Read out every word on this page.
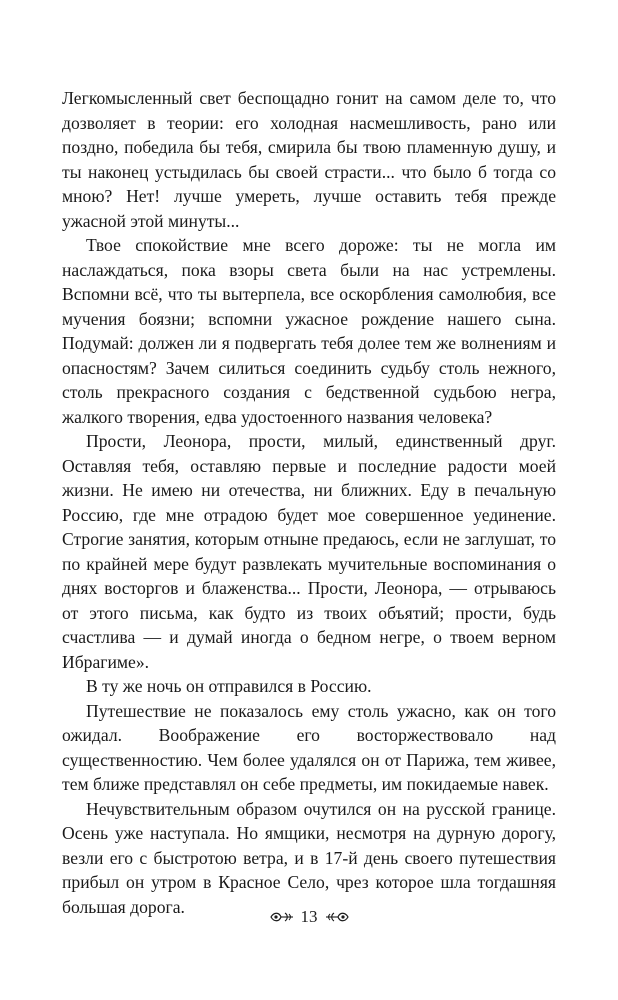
Легкомысленный свет беспощадно гонит на самом деле то, что дозволяет в теории: его холодная насмешливость, рано или поздно, победила бы тебя, смирила бы твою пламенную душу, и ты наконец устыдилась бы своей страсти... что было б тогда со мною? Нет! лучше умереть, лучше оставить тебя прежде ужасной этой минуты...

Твое спокойствие мне всего дороже: ты не могла им наслаждаться, пока взоры света были на нас устремлены. Вспомни всё, что ты вытерпела, все оскорбления самолюбия, все мучения боязни; вспомни ужасное рождение нашего сына. Подумай: должен ли я подвергать тебя долее тем же волнениям и опасностям? Зачем силиться соединить судьбу столь нежного, столь прекрасного создания с бедственной судьбою негра, жалкого творения, едва удостоенного названия человека?

Прости, Леонора, прости, милый, единственный друг. Оставляя тебя, оставляю первые и последние радости моей жизни. Не имею ни отечества, ни ближних. Еду в печальную Россию, где мне отрадою будет мое совершенное уединение. Строгие занятия, которым отныне предаюсь, если не заглушат, то по крайней мере будут развлекать мучительные воспоминания о днях восторгов и блаженства... Прости, Леонора, — отрываюсь от этого письма, как будто из твоих объятий; прости, будь счастлива — и думай иногда о бедном негре, о твоем верном Ибрагиме».

В ту же ночь он отправился в Россию.

Путешествие не показалось ему столь ужасно, как он того ожидал. Воображение его восторжествовало над существенностию. Чем более удалялся он от Парижа, тем живее, тем ближе представлял он себе предметы, им покидаемые навек.

Нечувствительным образом очутился он на русской границе. Осень уже наступала. Но ямщики, несмотря на дурную дорогу, везли его с быстротою ветра, и в 17-й день своего путешествия прибыл он утром в Красное Село, чрез которое шла тогдашняя большая дорога.	13
